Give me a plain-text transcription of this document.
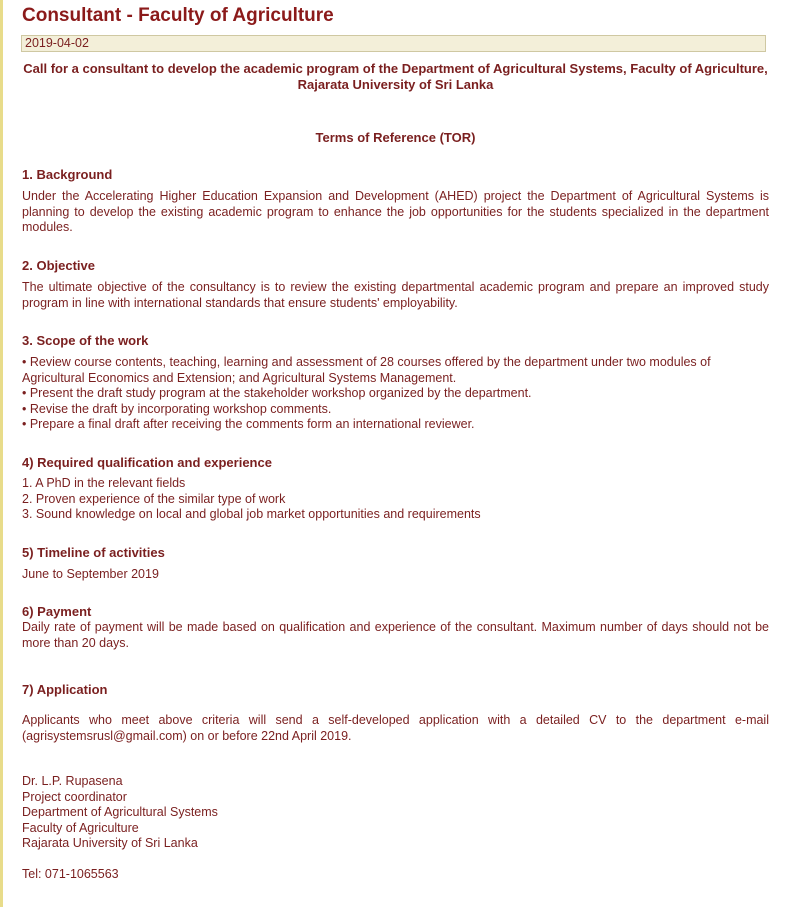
Consultant - Faculty of Agriculture
2019-04-02

Call for a consultant to develop the academic program of the Department of Agricultural Systems, Faculty of Agriculture, Rajarata University of Sri Lanka

Terms of Reference (TOR)

1. Background

Under the Accelerating Higher Education Expansion and Development (AHED) project the Department of Agricultural Systems is planning to develop the existing academic program to enhance the job opportunities for the students specialized in the department modules.

2. Objective

The ultimate objective of the consultancy is to review the existing departmental academic program and prepare an improved study program in line with international standards that ensure students' employability.

3. Scope of the work

• Review course contents, teaching, learning and assessment of 28 courses offered by the department under two modules of Agricultural Economics and Extension; and Agricultural Systems Management.
• Present the draft study program at the stakeholder workshop organized by the department.
• Revise the draft by incorporating workshop comments.
• Prepare a final draft after receiving the comments form an international reviewer.

4) Required qualification and experience

1. A PhD in the relevant fields
2. Proven experience of the similar type of work
3. Sound knowledge on local and global job market opportunities and requirements

5) Timeline of activities

June to September 2019

6) Payment

Daily rate of payment will be made based on qualification and experience of the consultant. Maximum number of days should not be more than 20 days.

7) Application

Applicants who meet above criteria will send a self-developed application with a detailed CV to the department e-mail (agrisystemsrusl@gmail.com) on or before 22nd April 2019.

Dr. L.P. Rupasena
Project coordinator
Department of Agricultural Systems
Faculty of Agriculture
Rajarata University of Sri Lanka

Tel: 071-1065563
